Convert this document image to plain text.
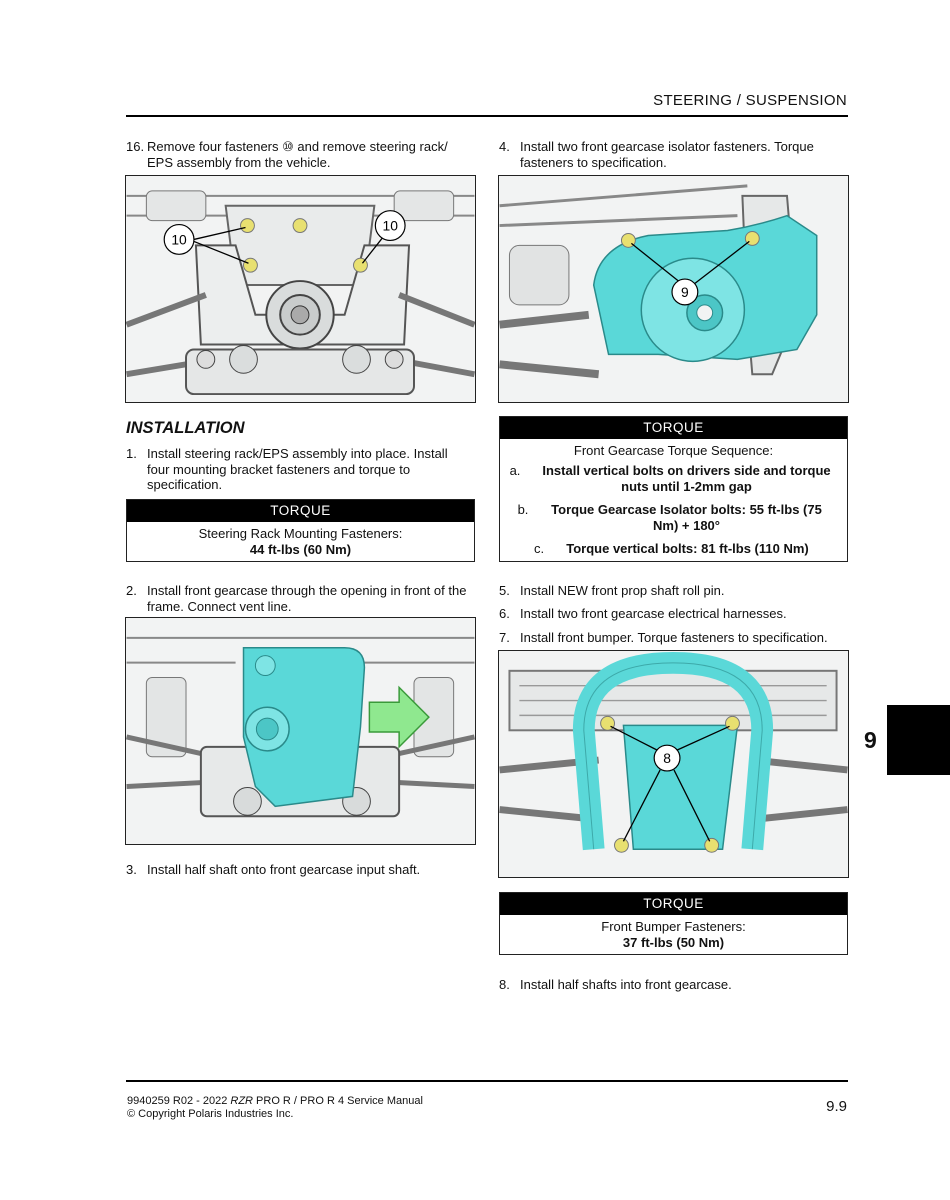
STEERING / SUSPENSION
16. Remove four fasteners ⑩ and remove steering rack/ EPS assembly from the vehicle.
10
10
INSTALLATION
1. Install steering rack/EPS assembly into place. Install four mounting bracket fasteners and torque to specification.
TORQUE
Steering Rack Mounting Fasteners:
44 ft-lbs (60 Nm)
2. Install front gearcase through the opening in front of the frame. Connect vent line.
3. Install half shaft onto front gearcase input shaft.
4. Install two front gearcase isolator fasteners. Torque fasteners to specification.
9
TORQUE
Front Gearcase Torque Sequence:
a.	Install vertical bolts on drivers side and torque nuts until 1-2mm gap
b.	Torque Gearcase Isolator bolts: 55 ft-lbs (75 Nm) + 180°
c.	Torque vertical bolts: 81 ft-lbs (110 Nm)
5. Install NEW front prop shaft roll pin.
6. Install two front gearcase electrical harnesses.
7. Install front bumper. Torque fasteners to specification.
8
TORQUE
Front Bumper Fasteners:
37 ft-lbs (50 Nm)
8. Install half shafts into front gearcase.
9
9940259 R02 - 2022 RZR PRO R / PRO R 4 Service Manual
© Copyright Polaris Industries Inc.	9.9
